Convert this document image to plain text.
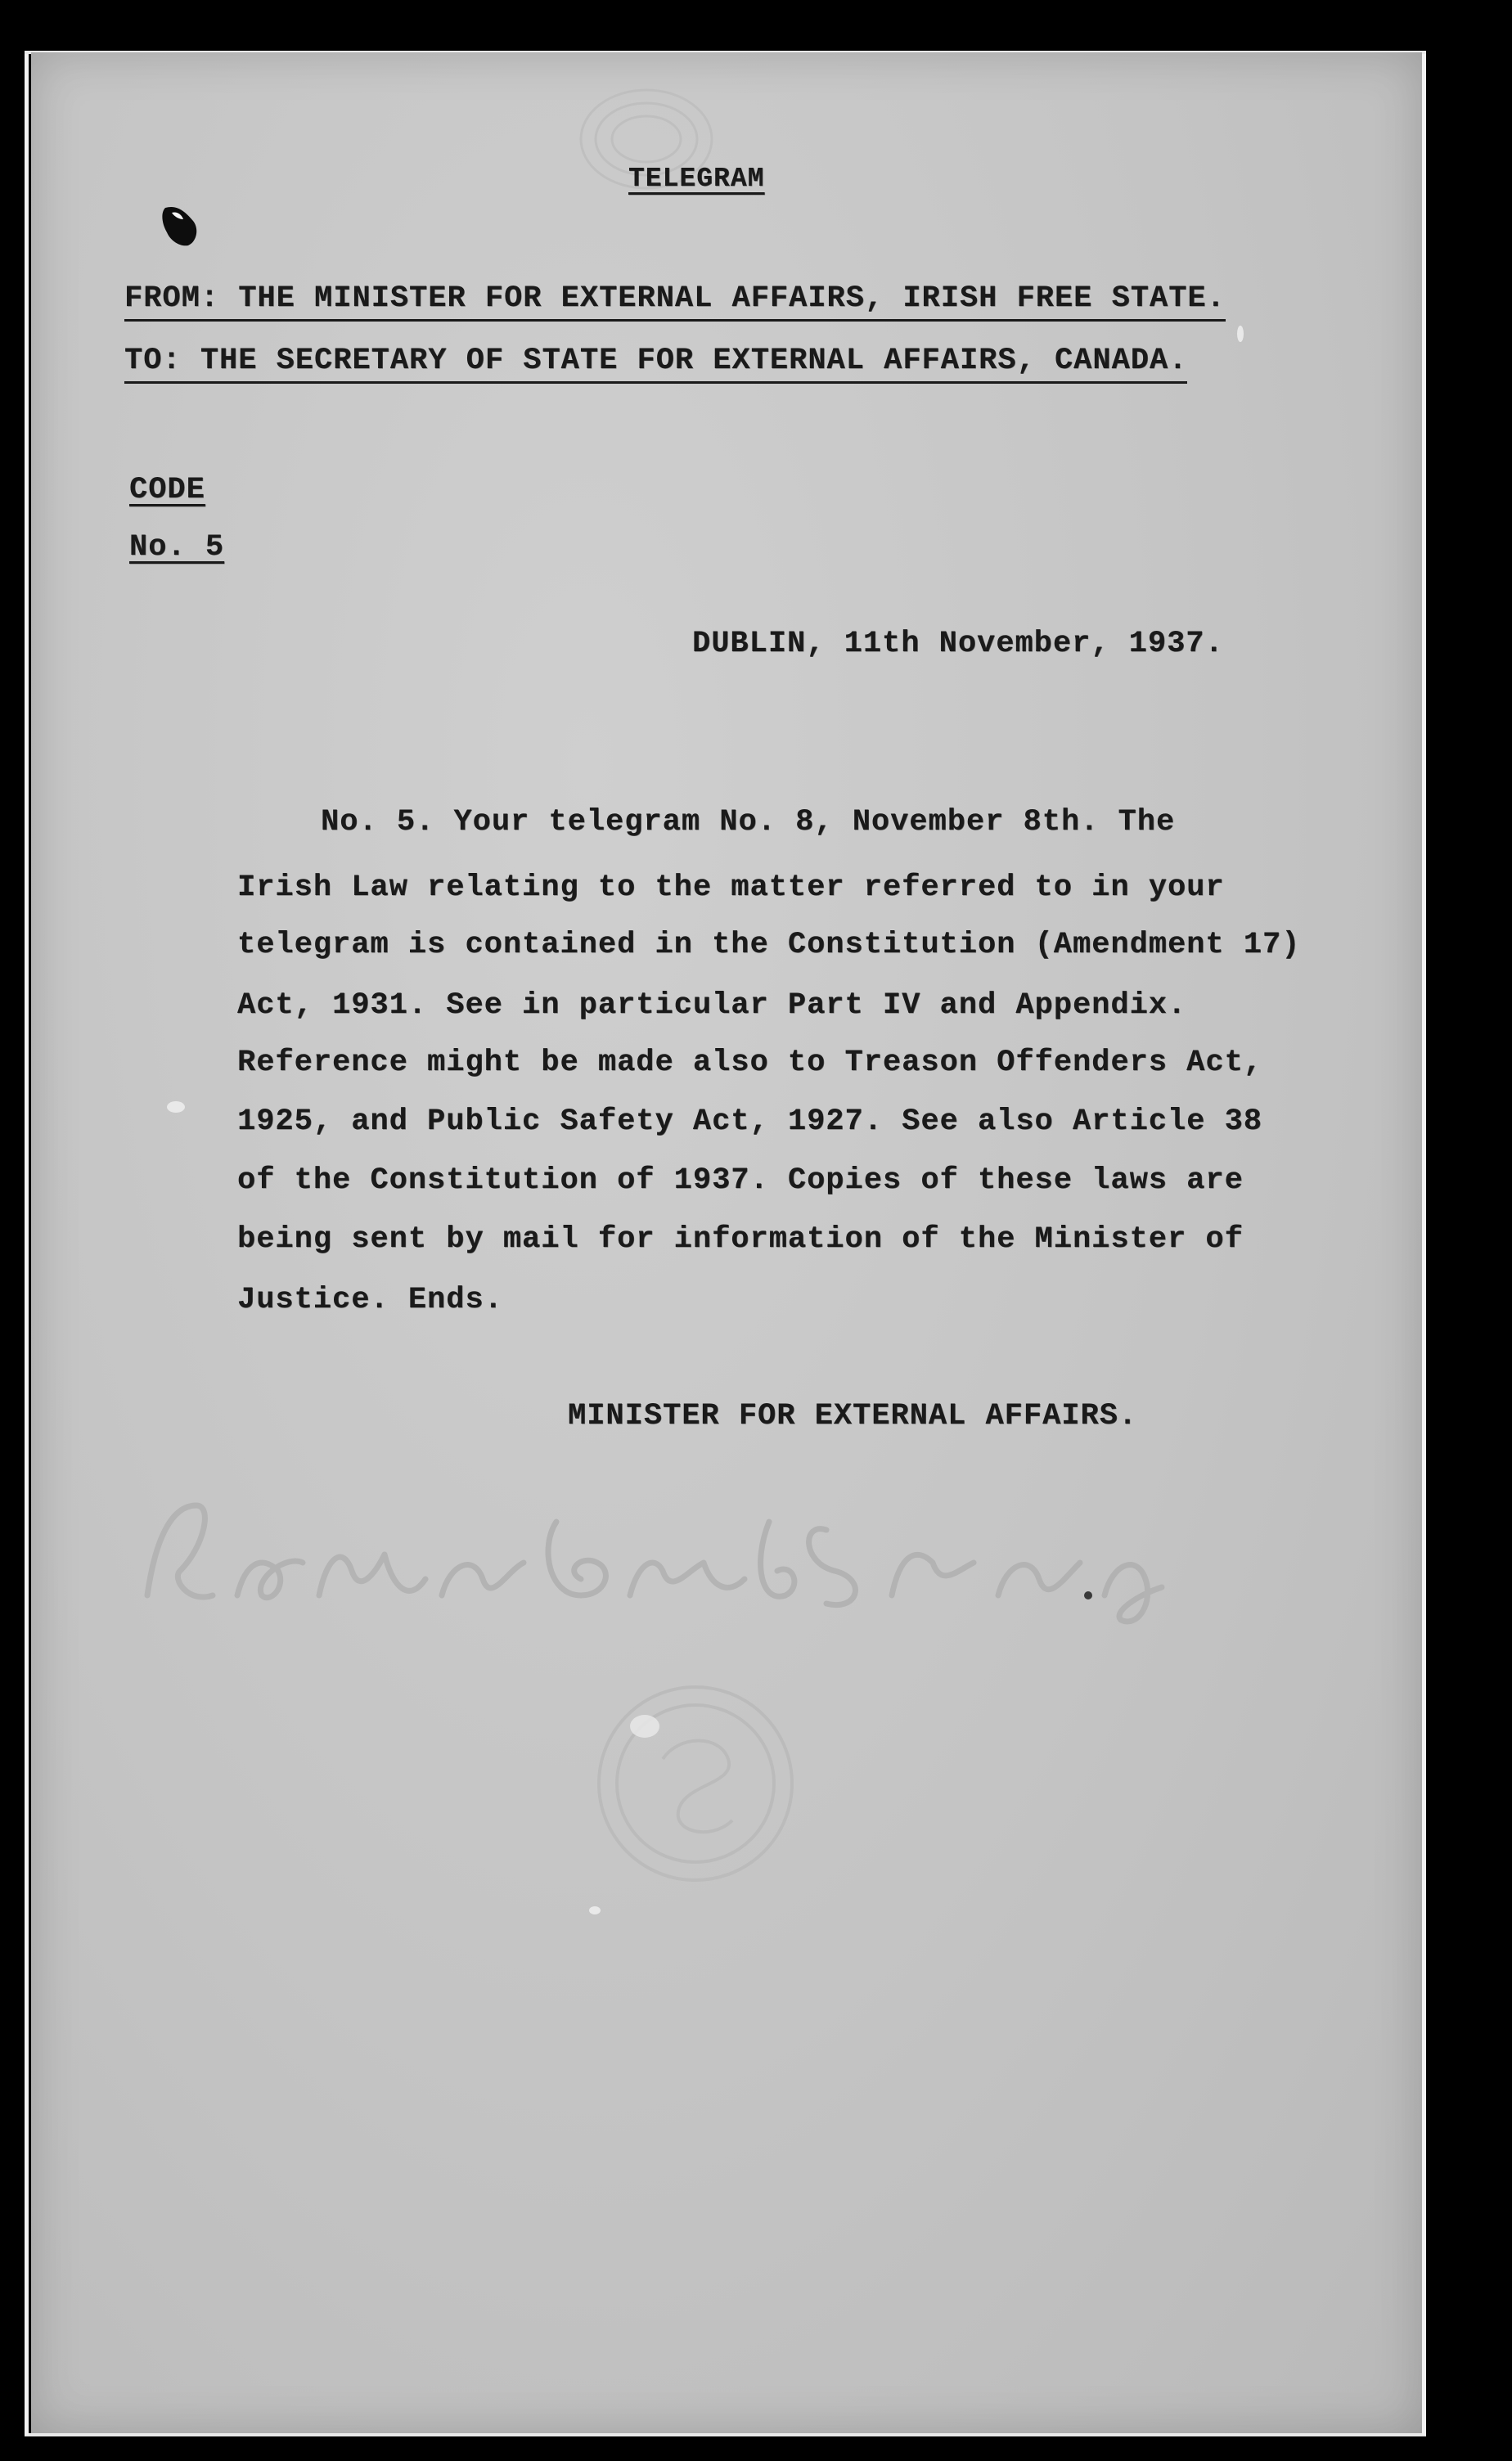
TELEGRAM
FROM: THE MINISTER FOR EXTERNAL AFFAIRS, IRISH FREE STATE.
TO: THE SECRETARY OF STATE FOR EXTERNAL AFFAIRS, CANADA.
CODE
No. 5
DUBLIN, 11th November, 1937.
No. 5. Your telegram No. 8, November 8th. The
Irish Law relating to the matter referred to in your
telegram is contained in the Constitution (Amendment 17)
Act, 1931. See in particular Part IV and Appendix.
Reference might be made also to Treason Offenders Act,
1925, and Public Safety Act, 1927. See also Article 38
of the Constitution of 1937. Copies of these laws are
being sent by mail for information of the Minister of
Justice. Ends.
MINISTER FOR EXTERNAL AFFAIRS.
